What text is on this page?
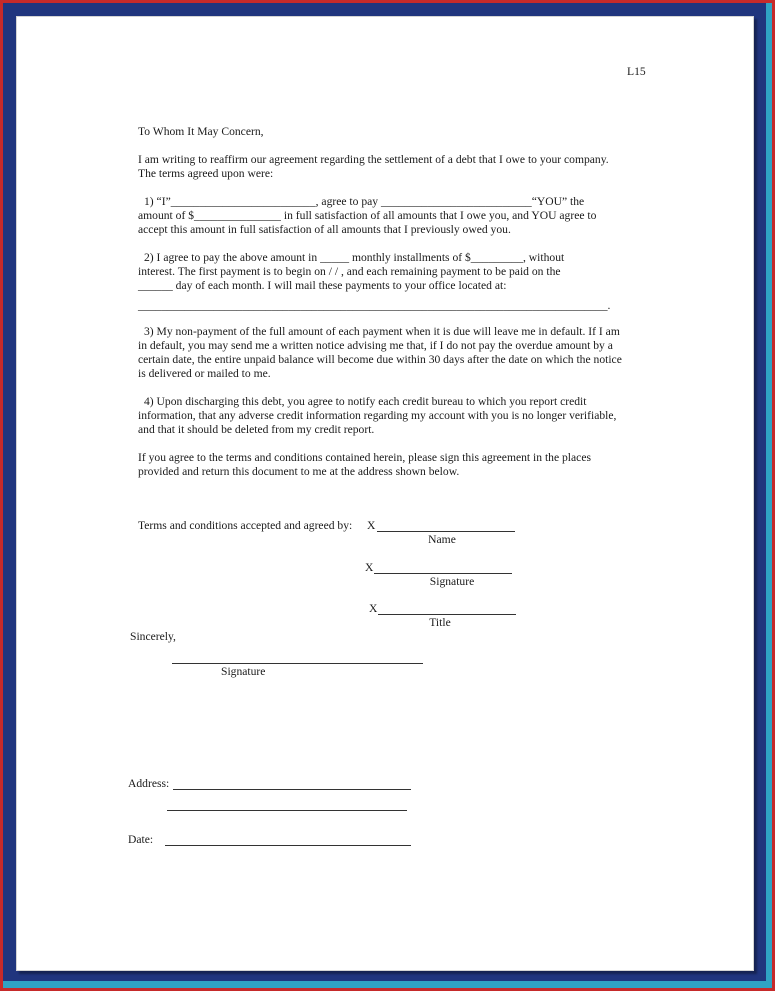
L15
To Whom It May Concern,
I am writing to reaffirm our agreement regarding the settlement of a debt that I owe to your company.
The terms agreed upon were:
1) “I”_________________________, agree to pay __________________________“YOU” the
amount of $_______________ in full satisfaction of all amounts that I owe you, and YOU agree to
accept this amount in full satisfaction of all amounts that I previously owed you.
2) I agree to pay the above amount in _____ monthly installments of $_________, without
interest. The first payment is to begin on / / , and each remaining payment to be paid on the
______ day of each month. I will mail these payments to your office located at:
_________________________________________________________________________________.
3) My non-payment of the full amount of each payment when it is due will leave me in default. If I am
in default, you may send me a written notice advising me that, if I do not pay the overdue amount by a
certain date, the entire unpaid balance will become due within 30 days after the date on which the notice
is delivered or mailed to me.
4) Upon discharging this debt, you agree to notify each credit bureau to which you report credit
information, that any adverse credit information regarding my account with you is no longer verifiable,
and that it should be deleted from my credit report.
If you agree to the terms and conditions contained herein, please sign this agreement in the places
provided and return this document to me at the address shown below.
Terms and conditions accepted and agreed by: X
Name
X
Signature
X
Title
Sincerely,
Signature
Address:
Date:
